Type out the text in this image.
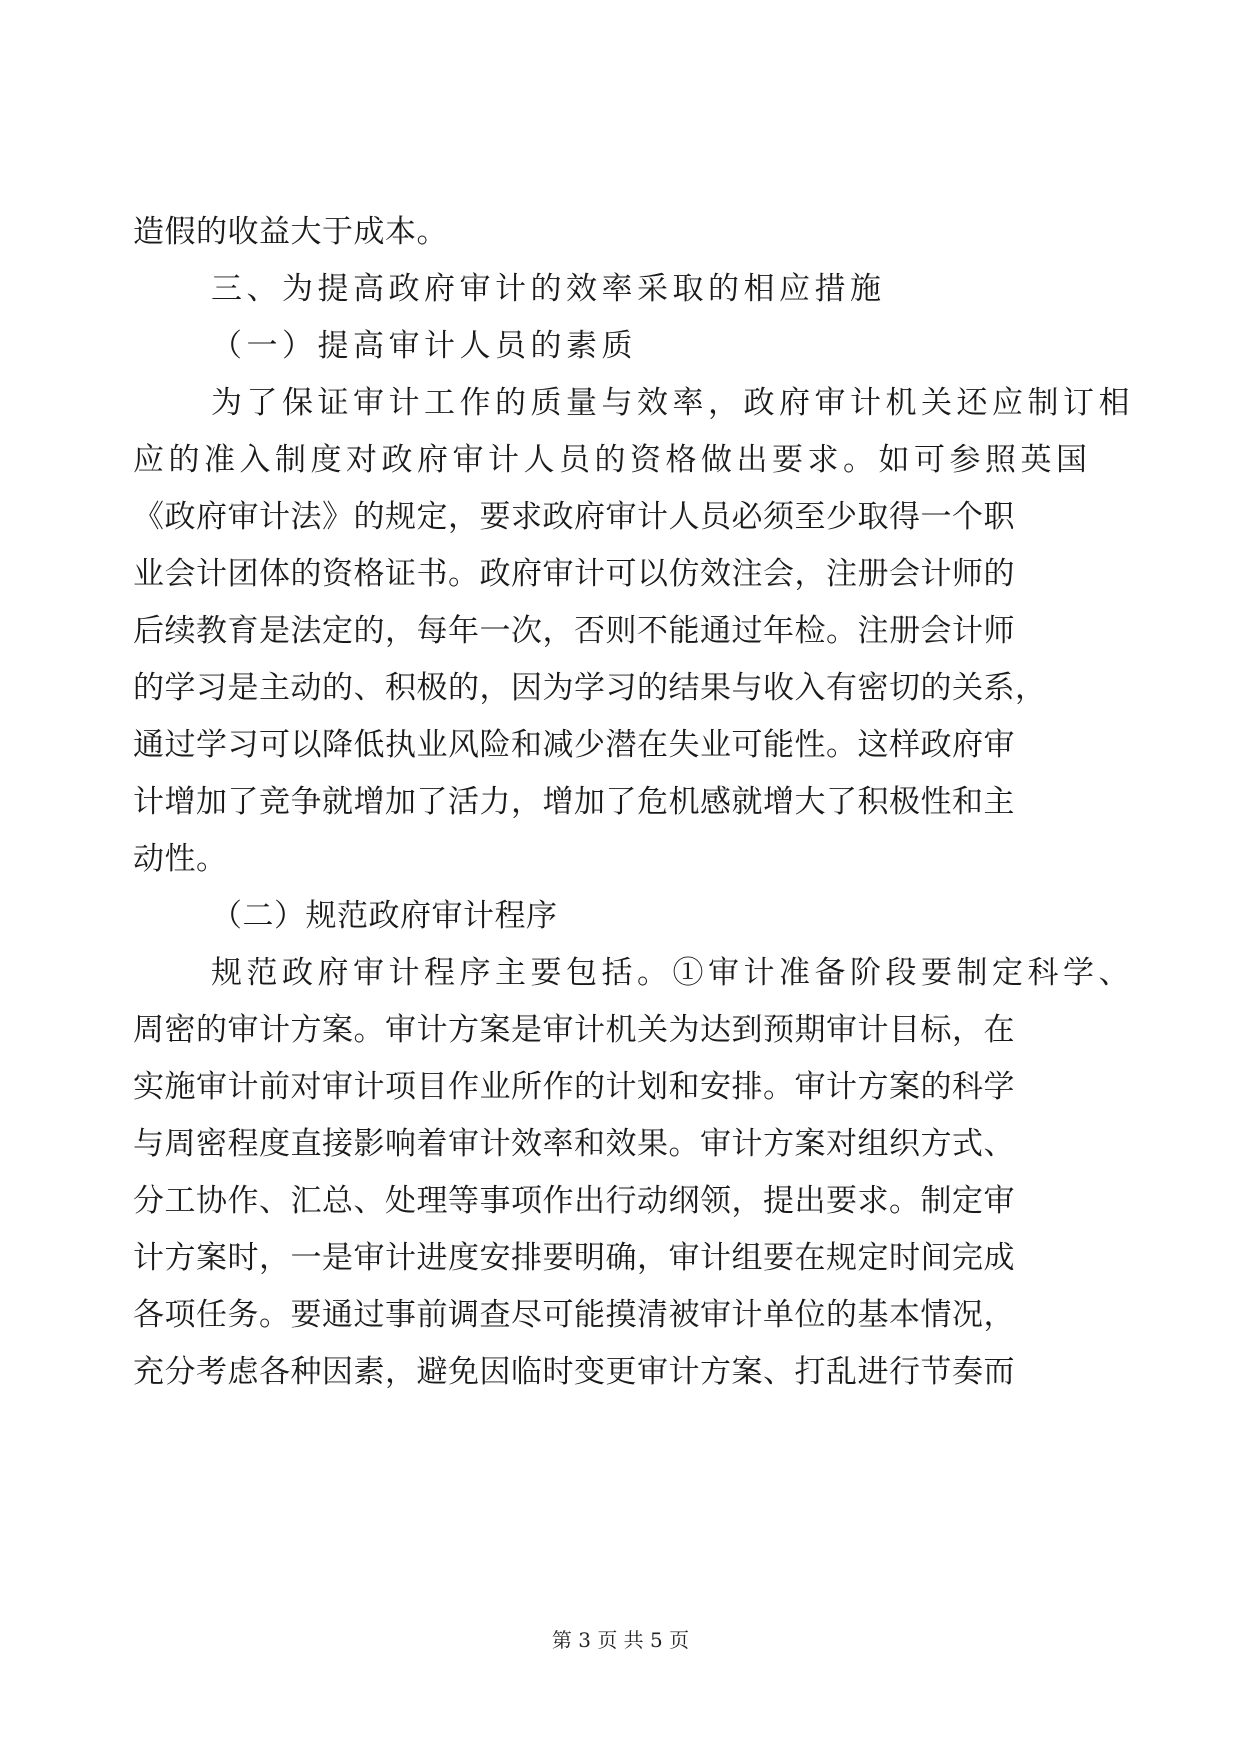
造假的收益大于成本。
三、为提高政府审计的效率采取的相应措施
（一）提高审计人员的素质
为了保证审计工作的质量与效率，政府审计机关还应制订相
应的准入制度对政府审计人员的资格做出要求。如可参照英国
《政府审计法》的规定，要求政府审计人员必须至少取得一个职
业会计团体的资格证书。政府审计可以仿效注会，注册会计师的
后续教育是法定的，每年一次，否则不能通过年检。注册会计师
的学习是主动的、积极的，因为学习的结果与收入有密切的关系，
通过学习可以降低执业风险和减少潜在失业可能性。这样政府审
计增加了竞争就增加了活力，增加了危机感就增大了积极性和主
动性。
（二）规范政府审计程序
规范政府审计程序主要包括。①审计准备阶段要制定科学、
周密的审计方案。审计方案是审计机关为达到预期审计目标，在
实施审计前对审计项目作业所作的计划和安排。审计方案的科学
与周密程度直接影响着审计效率和效果。审计方案对组织方式、
分工协作、汇总、处理等事项作出行动纲领，提出要求。制定审
计方案时，一是审计进度安排要明确，审计组要在规定时间完成
各项任务。要通过事前调查尽可能摸清被审计单位的基本情况，
充分考虑各种因素，避免因临时变更审计方案、打乱进行节奏而
第 3 页 共 5 页
